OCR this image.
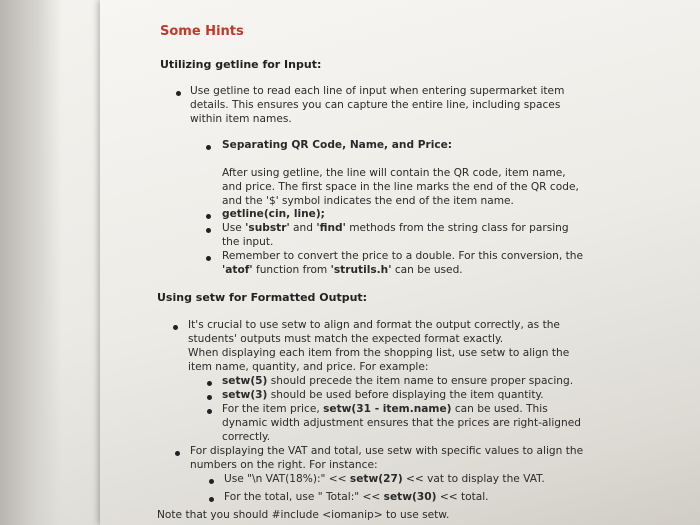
Some Hints
Utilizing getline for Input:
Use getline to read each line of input when entering supermarket item
details. This ensures you can capture the entire line, including spaces
within item names.
Separating QR Code, Name, and Price:
After using getline, the line will contain the QR code, item name,
and price. The first space in the line marks the end of the QR code,
and the '$' symbol indicates the end of the item name.
getline(cin, line);
Use 'substr' and 'find' methods from the string class for parsing
the input.
Remember to convert the price to a double. For this conversion, the
'atof' function from 'strutils.h' can be used.
Using setw for Formatted Output:
It's crucial to use setw to align and format the output correctly, as the
students' outputs must match the expected format exactly.
When displaying each item from the shopping list, use setw to align the
item name, quantity, and price. For example:
setw(5) should precede the item name to ensure proper spacing.
setw(3) should be used before displaying the item quantity.
For the item price, setw(31 - item.name) can be used. This
dynamic width adjustment ensures that the prices are right-aligned
correctly.
For displaying the VAT and total, use setw with specific values to align the
numbers on the right. For instance:
Use "\n VAT(18%):" << setw(27) << vat to display the VAT.
For the total, use " Total:" << setw(30) << total.
Note that you should #include <iomanip> to use setw.
